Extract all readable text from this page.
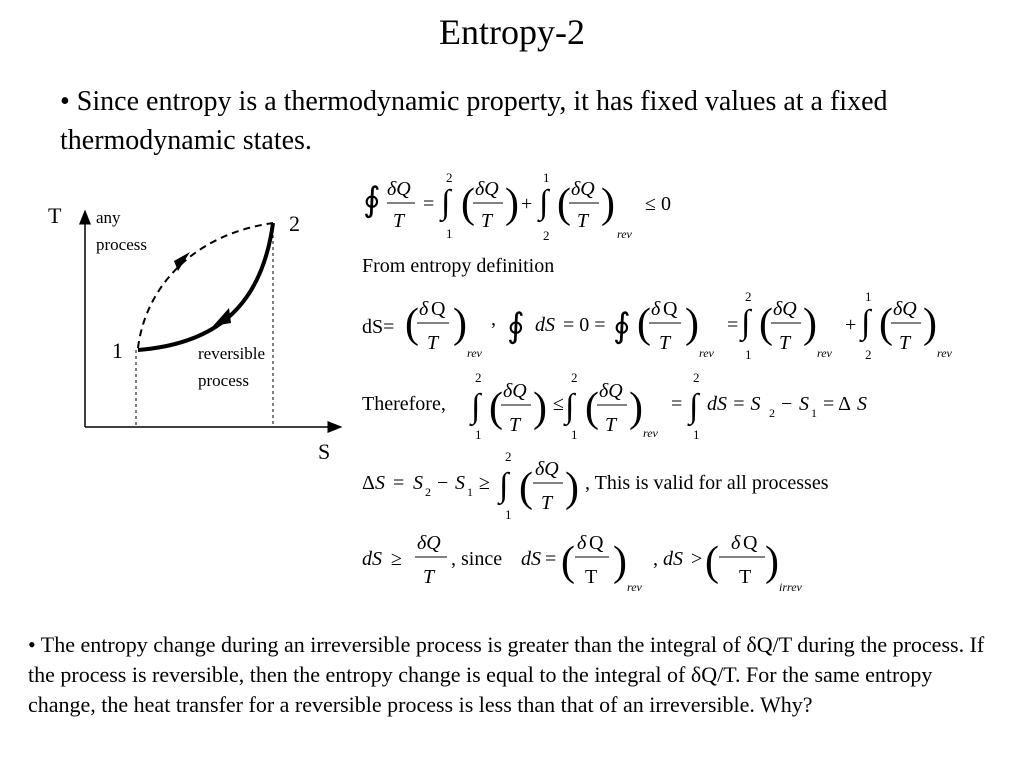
Entropy-2
• Since entropy is a thermodynamic property, it has fixed values at a fixed thermodynamic states.
T
S
1
2
any
process
reversible
process
∮ δQ
T
= ∫
2
1
( δQ
T ) + ∫
1
2
( δQ
T )
rev
≤ 0
From entropy definition
dS= ( δ Q
T )
rev
, ∮ dS = 0 = ∮ ( δ Q
T )
rev
= ∫
2
1
( δQ
T )
rev
+ ∫
1
2
( δQ
T )
rev
Therefore, ∫
2
1
( δQ
T ) ≤ ∫
2
1
( δQ
T )
rev
= ∫
2
1
dS = S 2 − S 1 = Δ S
Δ S = S 2 − S 1 ≥ ∫
2
1
( δQ
T ) , This is valid for all processes
dS ≥
δQ
T
, since dS = ( δ Q
T )
rev
, dS > ( δ Q
T )
irrev
• The entropy change during an irreversible process is greater than the integral of δQ/T during the process. If the process is reversible, then the entropy change is equal to the integral of δQ/T. For the same entropy change, the heat transfer for a reversible process is less than that of an irreversible. Why?
